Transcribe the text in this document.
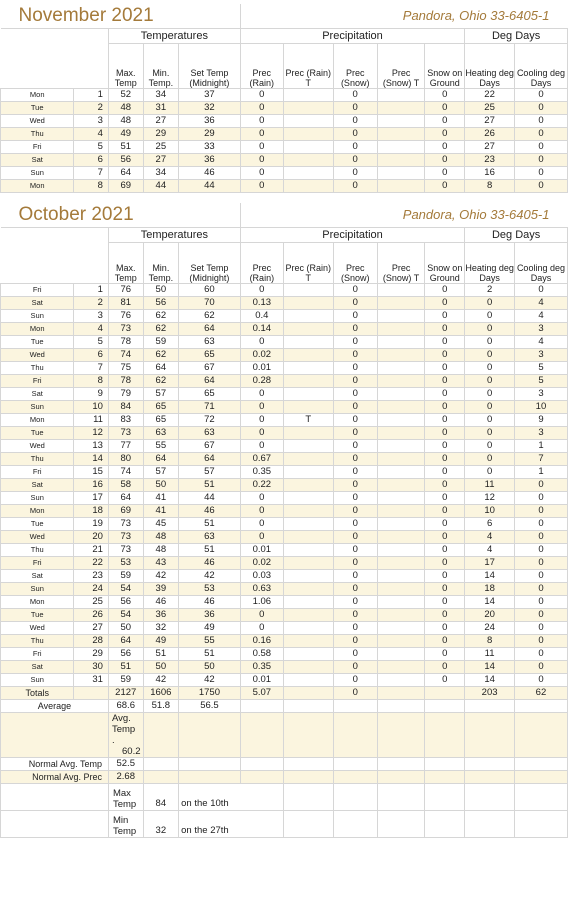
November 2021					Pandora, Ohio 33-6405-1						
		Temperatures			Precipitation					Deg Days	
		Max. Temp	Min. Temp.	Set Temp (Midnight)	Prec (Rain)	Prec (Rain) T	Prec (Snow)	Prec (Snow) T	Snow on Ground	Heating deg Days	Cooling deg Days
Mon	1	52	34	37	0		0		0	22	0
Tue	2	48	31	32	0		0		0	25	0
Wed	3	48	27	36	0		0		0	27	0
Thu	4	49	29	29	0		0		0	26	0
Fri	5	51	25	33	0		0		0	27	0
Sat	6	56	27	36	0		0		0	23	0
Sun	7	64	34	46	0		0		0	16	0
Mon	8	69	44	44	0		0		0	8	0
October 2021					Pandora, Ohio 33-6405-1						
		Temperatures			Precipitation					Deg Days	
		Max. Temp	Min. Temp.	Set Temp (Midnight)	Prec (Rain)	Prec (Rain) T	Prec (Snow)	Prec (Snow) T	Snow on Ground	Heating deg Days	Cooling deg Days
Fri	1	76	50	60	0		0		0	2	0
Sat	2	81	56	70	0.13		0		0	0	4
Sun	3	76	62	62	0.4		0		0	0	4
Mon	4	73	62	64	0.14		0		0	0	3
Tue	5	78	59	63	0		0		0	0	4
Wed	6	74	62	65	0.02		0		0	0	3
Thu	7	75	64	67	0.01		0		0	0	5
Fri	8	78	62	64	0.28		0		0	0	5
Sat	9	79	57	65	0		0		0	0	3
Sun	10	84	65	71	0		0		0	0	10
Mon	11	83	65	72	0	T	0		0	0	9
Tue	12	73	63	63	0		0		0	0	3
Wed	13	77	55	67	0		0		0	0	1
Thu	14	80	64	64	0.67		0		0	0	7
Fri	15	74	57	57	0.35		0		0	0	1
Sat	16	58	50	51	0.22		0		0	11	0
Sun	17	64	41	44	0		0		0	12	0
Mon	18	69	41	46	0		0		0	10	0
Tue	19	73	45	51	0		0		0	6	0
Wed	20	73	48	63	0		0		0	4	0
Thu	21	73	48	51	0.01		0		0	4	0
Fri	22	53	43	46	0.02		0		0	17	0
Sat	23	59	42	42	0.03		0		0	14	0
Sun	24	54	39	53	0.63		0		0	18	0
Mon	25	56	46	46	1.06		0		0	14	0
Tue	26	54	36	36	0		0		0	20	0
Wed	27	50	32	49	0		0		0	24	0
Thu	28	64	49	55	0.16		0		0	8	0
Fri	29	56	51	51	0.58		0		0	11	0
Sat	30	51	50	50	0.35		0		0	14	0
Sun	31	59	42	42	0.01		0		0	14	0
Totals		2127	1606	1750	5.07		0			203	62
Average		68.6	51.8	56.5							

		Avg. Temp
.
60.2									

Normal Avg. Temp		52.5									
Normal Avg. Prec		2.68									
		Max Temp	84	on the 10th							
		Min Temp	32	on the 27th							
